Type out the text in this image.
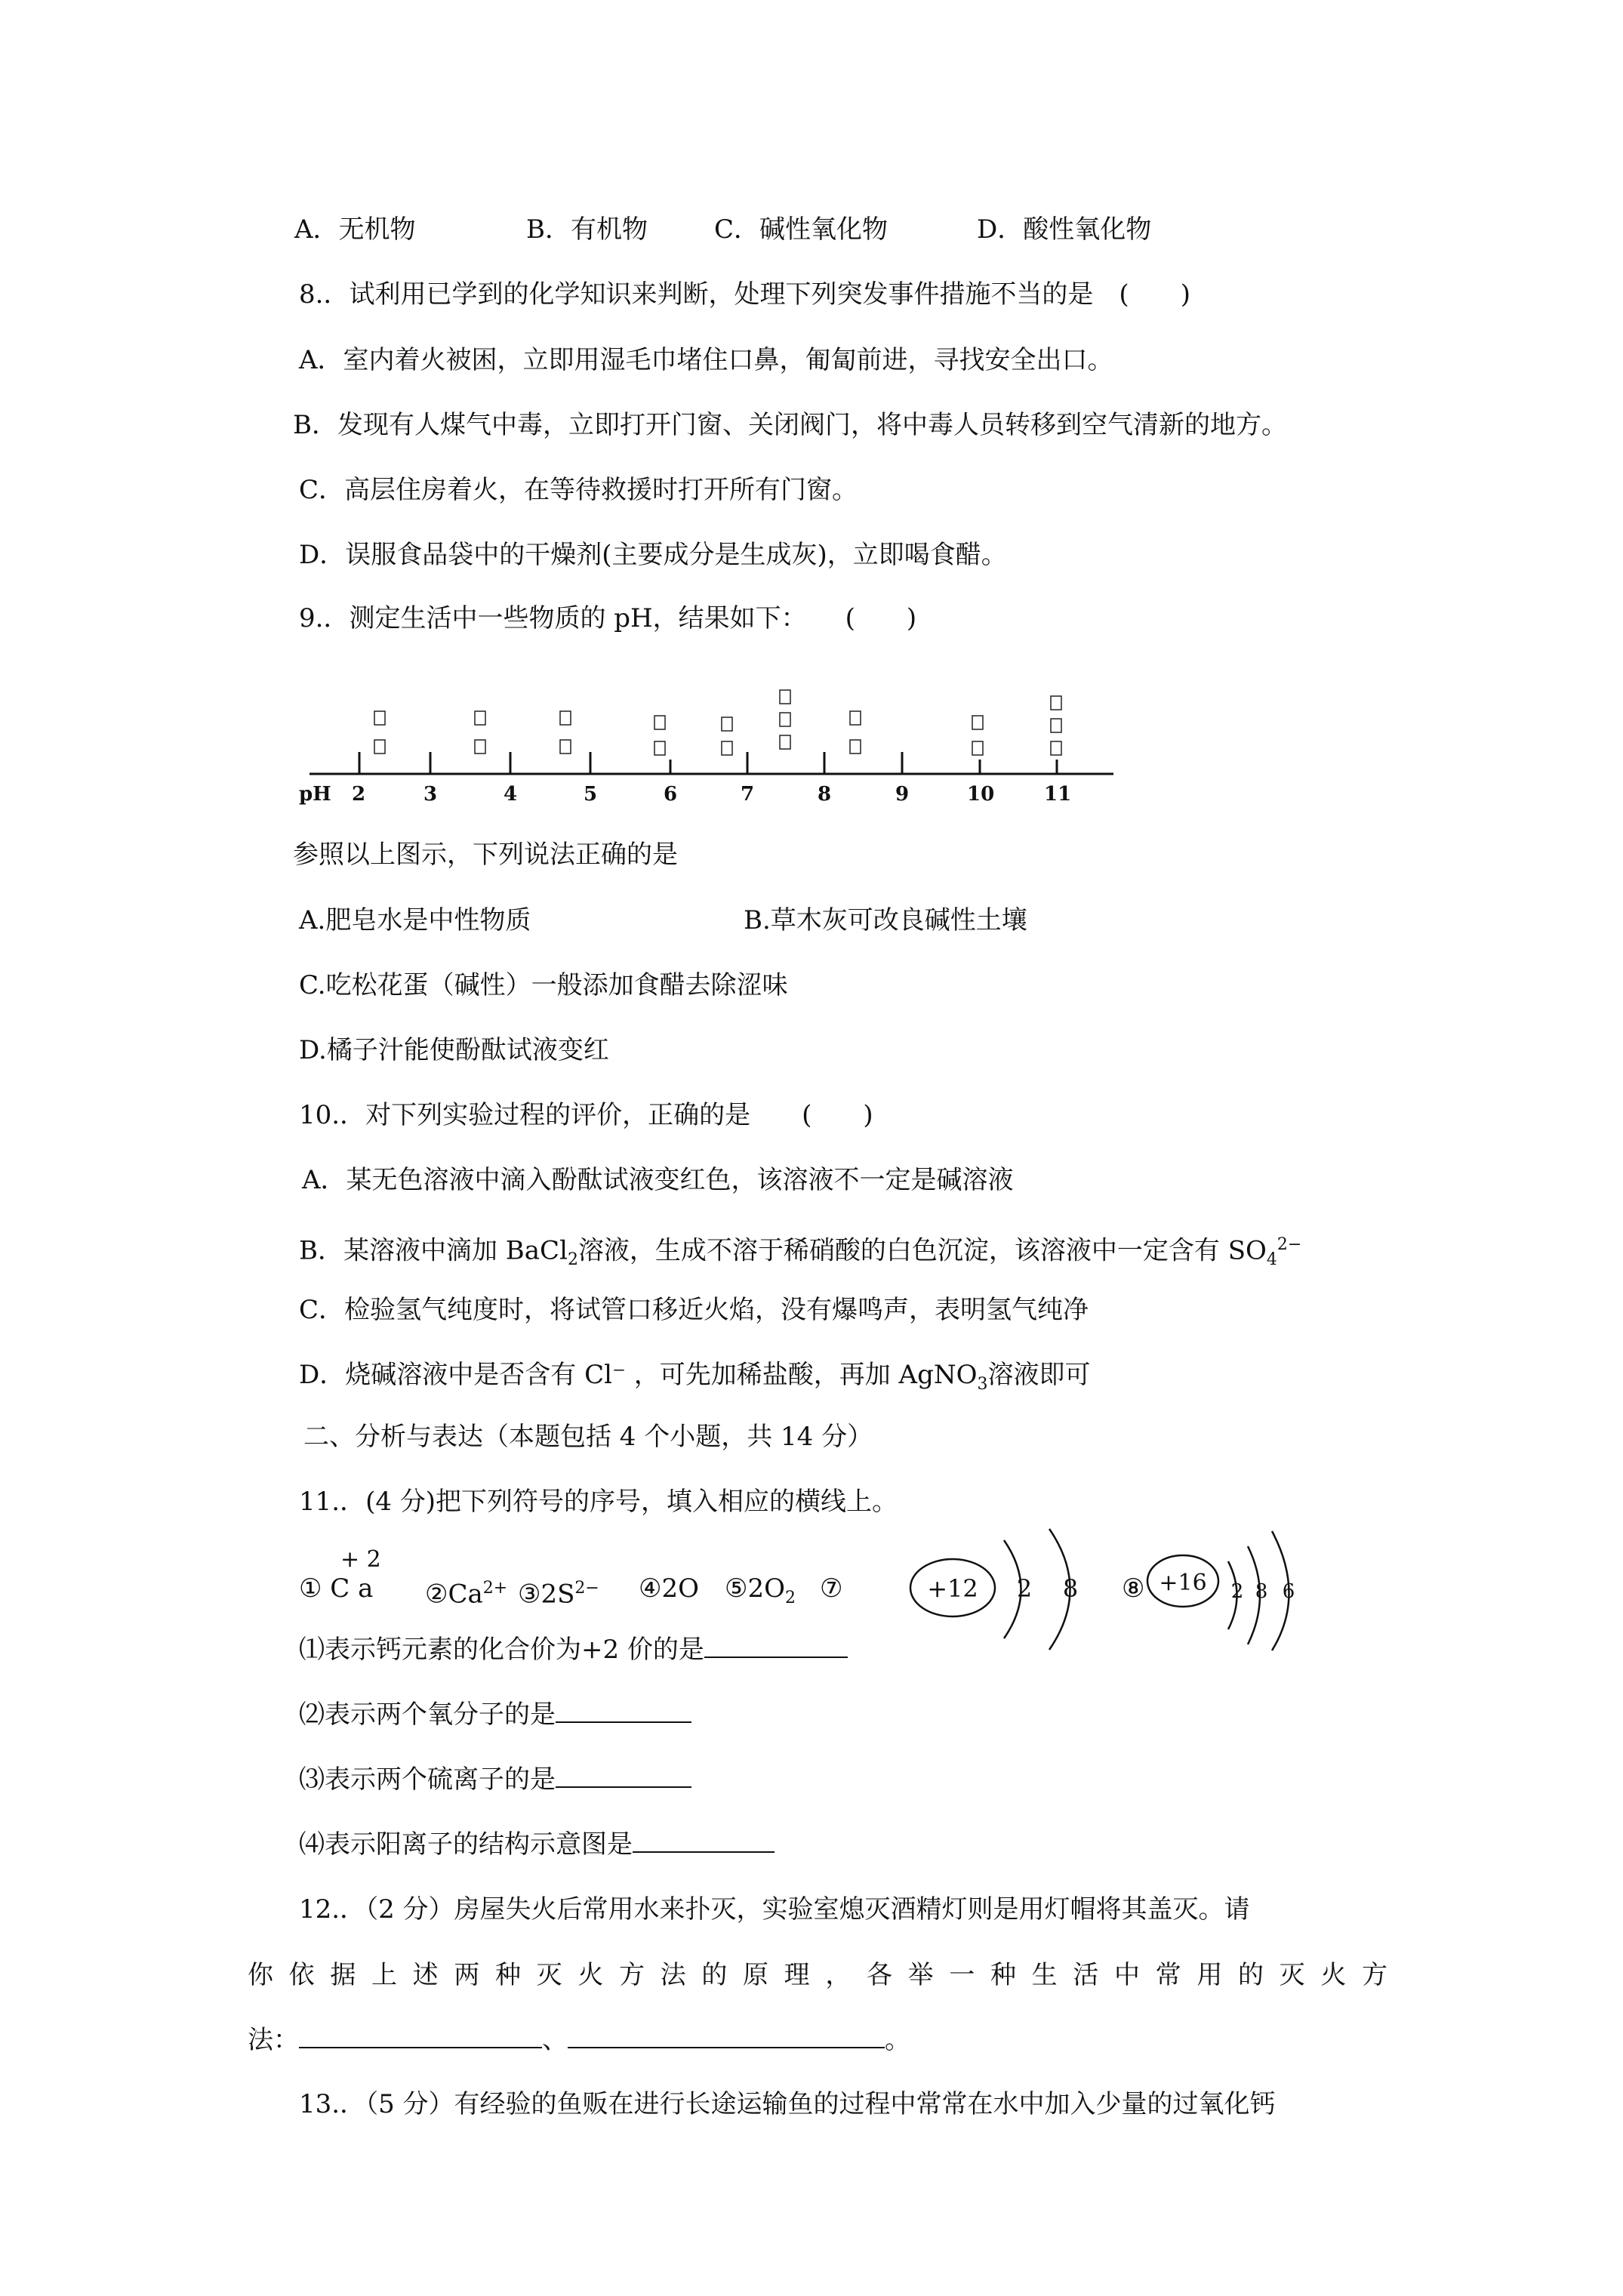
A．无机物	B．有机物	C．碱性氧化物	D．酸性氧化物
8.．试利用已学到的化学知识来判断，处理下列突发事件措施不当的是　(　　)
A．室内着火被困，立即用湿毛巾堵住口鼻，匍匐前进，寻找安全出口。
B．发现有人煤气中毒，立即打开门窗、关闭阀门，将中毒人员转移到空气清新的地方。
C．高层住房着火，在等待救援时打开所有门窗。
D．误服食品袋中的干燥剂(主要成分是生成灰)，立即喝食醋。
9.．测定生活中一些物质的 pH，结果如下：　　(　　)
pH 2	3	4	5	6	7	8	9	10	11
参照以上图示，下列说法正确的是
A.肥皂水是中性物质	B.草木灰可改良碱性土壤
C.吃松花蛋（碱性）一般添加食醋去除涩味
D.橘子汁能使酚酞试液变红
10.．对下列实验过程的评价，正确的是　　(　　)
A．某无色溶液中滴入酚酞试液变红色，该溶液不一定是碱溶液
B．某溶液中滴加 BaCl$_2$溶液，生成不溶于稀硝酸的白色沉淀，该溶液中一定含有 $SO_4^{2-}$
C．检验氢气纯度时，将试管口移近火焰，没有爆鸣声，表明氢气纯净
D．烧碱溶液中是否含有 Cl⁻ ，可先加稀盐酸，再加 AgNO$_3$溶液即可
二、分析与表达（本题包括 4 个小题，共 14 分）
11.．(4 分)把下列符号的序号，填入相应的横线上。
+ 2
① C a $②Ca^{2+}$ $③2S^{2-}$ ④2O $⑤2O_2$ ⑦	⑧
+12 2 8	+16 2 8 6
⑴表示钙元素的化合价为+2 价的是
⑵表示两个氧分子的是
⑶表示两个硫离子的是
⑷表示阳离子的结构示意图是
12.．（2 分）房屋失火后常用水来扑灭，实验室熄灭酒精灯则是用灯帽将其盖灭。请
你依据上述两种灭火方法的原理，各举一种生活中常用的灭火方
法：	、	。
13.．（5 分）有经验的鱼贩在进行长途运输鱼的过程中常常在水中加入少量的过氧化钙
